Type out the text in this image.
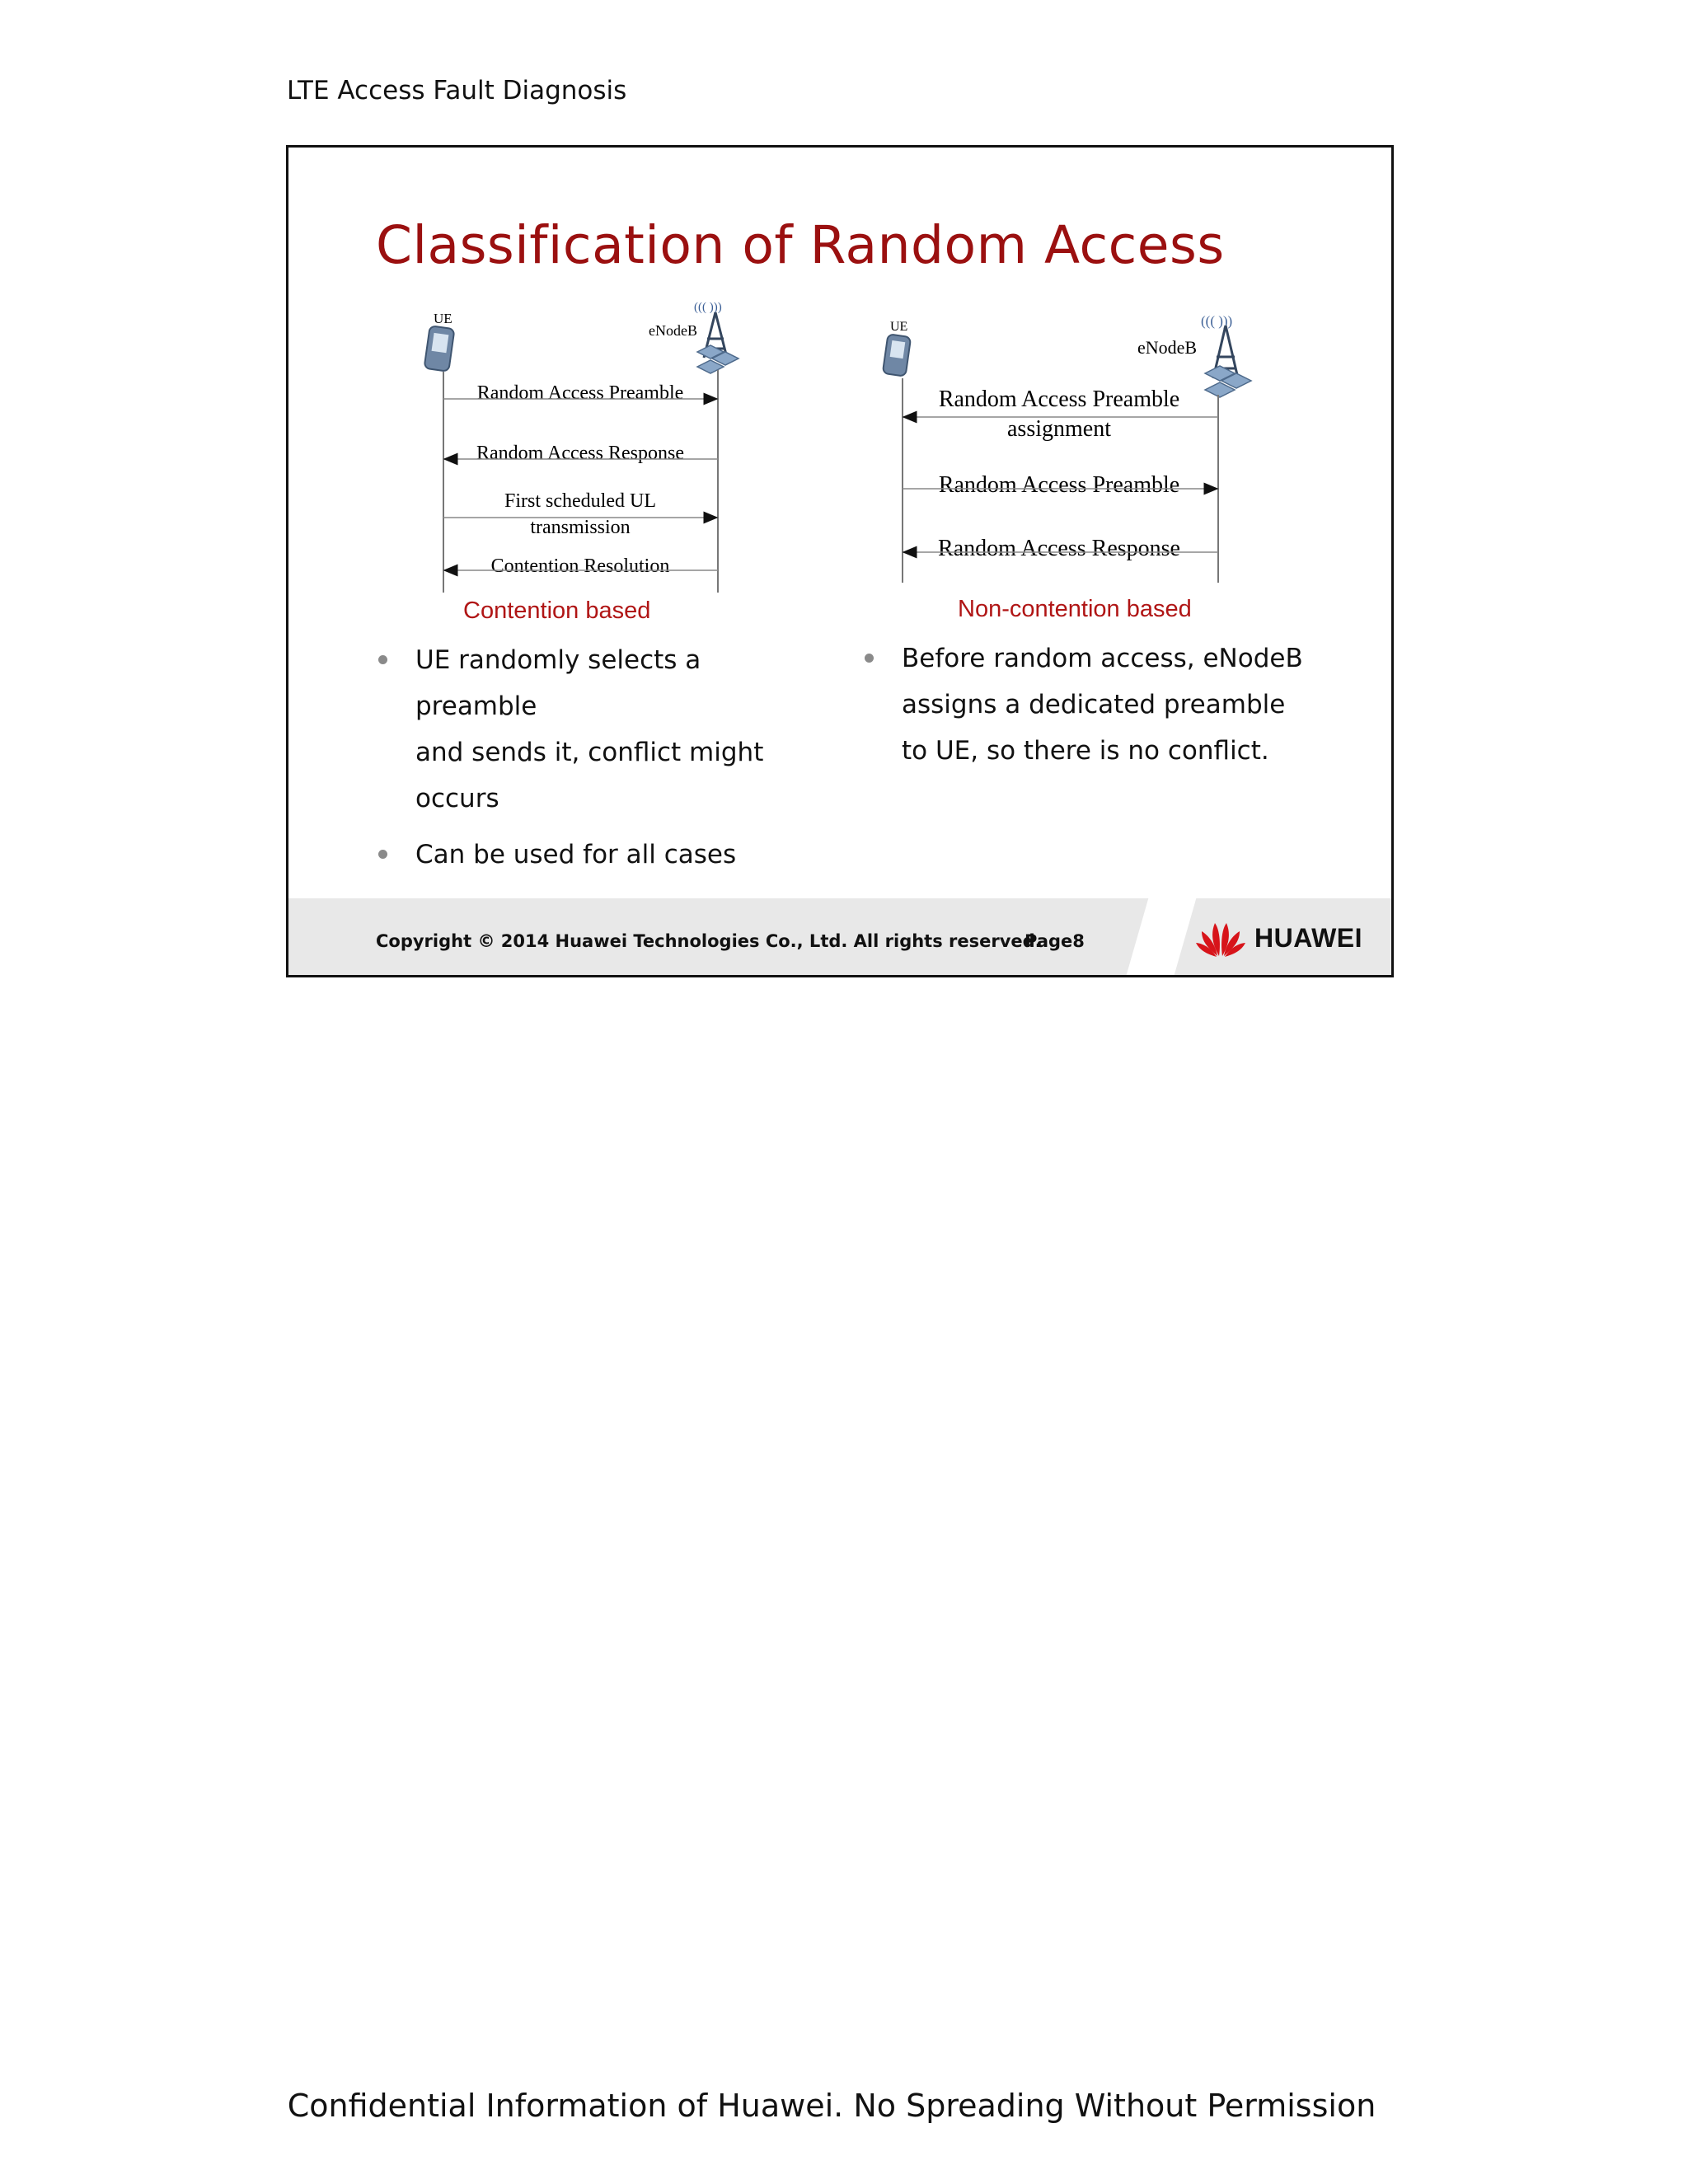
LTE Access Fault Diagnosis
Classification of Random Access
UE
eNodeB
((( )))
Random Access Preamble
Random Access Response
First scheduled UL
transmission
Contention Resolution
UE
eNodeB
((( )))
Random Access Preamble
assignment
Random Access Preamble
Random Access Response
Contention based	Non-contention based
UE randomly selects a preamble
and sends it, conflict might
occurs
Can be used for all cases
Before random access, eNodeB
assigns a dedicated preamble
to UE, so there is no conflict.
Copyright © 2014 Huawei Technologies Co., Ltd. All rights reserved.
Page8	HUAWEI
Confidential Information of Huawei. No Spreading Without Permission
